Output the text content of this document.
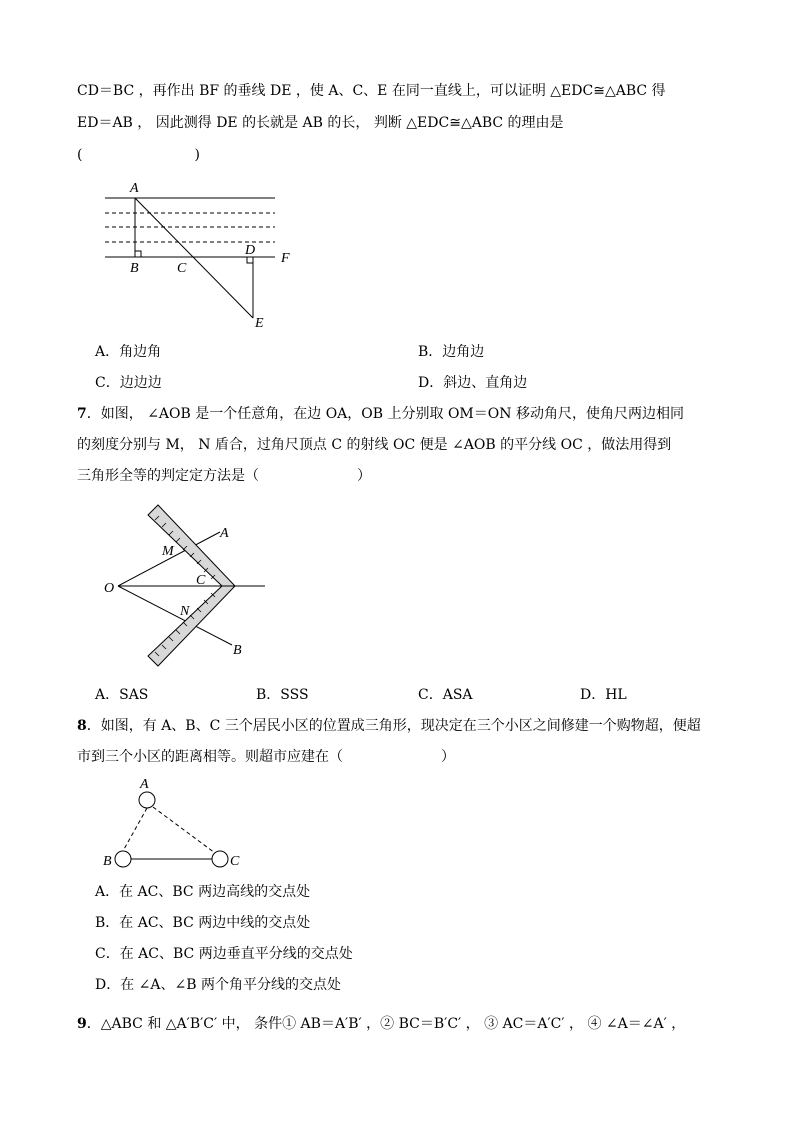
CD＝BC ，再作出 BF 的垂线 DE ，使 A、C、E 在同一直线上，可以证明 △EDC≅△ABC 得
ED＝AB ， 因此测得 DE 的长就是 AB 的长， 判断 △EDC≅△ABC 的理由是
(　　　　　　　　)
A
B	C
D
F
E
A．角边角	B．边角边
C．边边边	D．斜边、直角边
7．如图， ∠AOB 是一个任意角，在边 OA，OB 上分别取 OM＝ON 移动角尺，使角尺两边相同
的刻度分别与 M， N 盾合，过角尺顶点 C 的射线 OC 便是 ∠AOB 的平分线 OC ，做法用得到
三角形全等的判定定方法是（　　　　　　　）
O
A
B
M
N
C
A．SAS	B．SSS	C．ASA	D．HL
8．如图，有 A、B、C 三个居民小区的位置成三角形，现决定在三个小区之间修建一个购物超，便超
市到三个小区的距离相等。则超市应建在（　　　　　　　）
A
B	C
A．在 AC、BC 两边高线的交点处
B．在 AC、BC 两边中线的交点处
C．在 AC、BC 两边垂直平分线的交点处
D．在 ∠A、∠B 两个角平分线的交点处
9．△ABC 和 △A′B′C′ 中， 条件① AB＝A′B′ ，② BC＝B′C′ ， ③ AC＝A′C′ ， ④ ∠A＝∠A′ ，
